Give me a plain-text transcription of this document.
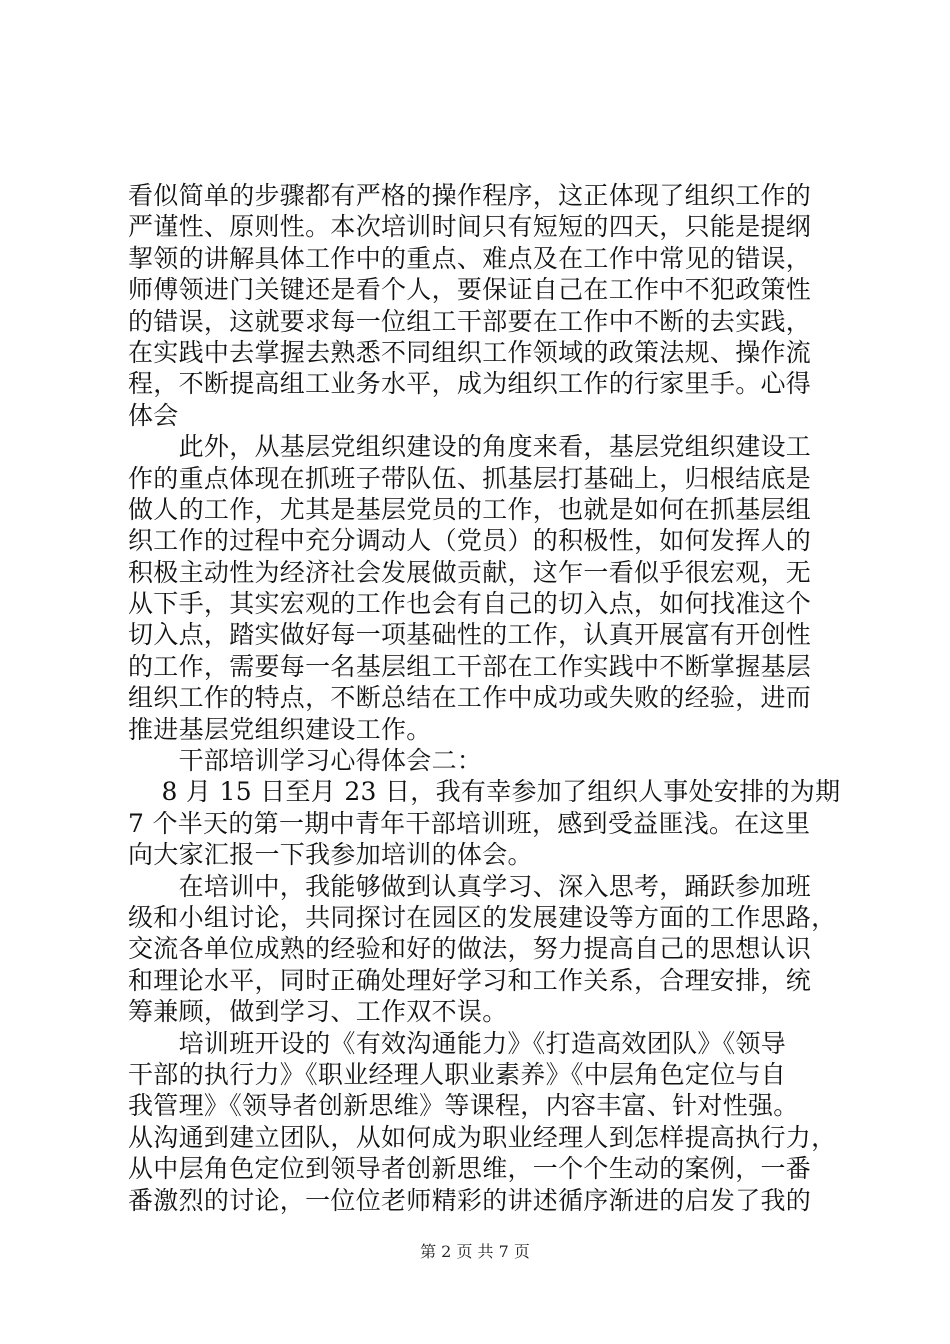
看似简单的步骤都有严格的操作程序，这正体现了组织工作的
严谨性、原则性。本次培训时间只有短短的四天，只能是提纲
挈领的讲解具体工作中的重点、难点及在工作中常见的错误，
师傅领进门关键还是看个人，要保证自己在工作中不犯政策性
的错误，这就要求每一位组工干部要在工作中不断的去实践，
在实践中去掌握去熟悉不同组织工作领域的政策法规、操作流
程，不断提高组工业务水平，成为组织工作的行家里手。心得
体会
　　此外，从基层党组织建设的角度来看，基层党组织建设工
作的重点体现在抓班子带队伍、抓基层打基础上，归根结底是
做人的工作，尤其是基层党员的工作，也就是如何在抓基层组
织工作的过程中充分调动人（党员）的积极性，如何发挥人的
积极主动性为经济社会发展做贡献，这乍一看似乎很宏观，无
从下手，其实宏观的工作也会有自己的切入点，如何找准这个
切入点，踏实做好每一项基础性的工作，认真开展富有开创性
的工作，需要每一名基层组工干部在工作实践中不断掌握基层
组织工作的特点，不断总结在工作中成功或失败的经验，进而
推进基层党组织建设工作。
　　干部培训学习心得体会二：
　 8 月 15 日至月 23 日，我有幸参加了组织人事处安排的为期
7 个半天的第一期中青年干部培训班，感到受益匪浅。在这里
向大家汇报一下我参加培训的体会。
　　在培训中，我能够做到认真学习、深入思考，踊跃参加班
级和小组讨论，共同探讨在园区的发展建设等方面的工作思路，
交流各单位成熟的经验和好的做法，努力提高自己的思想认识
和理论水平，同时正确处理好学习和工作关系，合理安排，统
筹兼顾，做到学习、工作双不误。
　　培训班开设的《有效沟通能力》《打造高效团队》《领导
干部的执行力》《职业经理人职业素养》《中层角色定位与自
我管理》《领导者创新思维》等课程，内容丰富、针对性强。
从沟通到建立团队，从如何成为职业经理人到怎样提高执行力，
从中层角色定位到领导者创新思维，一个个生动的案例，一番
番激烈的讨论，一位位老师精彩的讲述循序渐进的启发了我的
第 2 页 共 7 页
